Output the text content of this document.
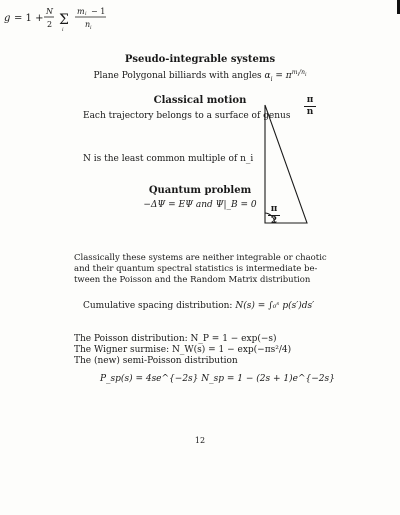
Pseudo-integrable systems
Plane Polygonal billiards with angles $\alpha_i = \pi^{m_i/n_i}$
Classical motion
Each trajectory belongs to a surface of genus
g = 1 +
N
2 Σ
i
m i − 1
n i
N is the least common multiple of n_i
Quantum problem
−ΔΨ = EΨ and Ψ|_B = 0
π
n
π
2
Classically these systems are neither integrable or chaotic
and their quantum spectral statistics is intermediate be-
tween the Poisson and the Random Matrix distribution
Cumulative spacing distribution: N(s) = ∫₀ˢ p(s′)ds′
The Poisson distribution: N_P = 1 − exp(−s)
The Wigner surmise: N_W(s) = 1 − exp(−πs²/4)
The (new) semi-Poisson distribution
P_sp(s) = 4se^{−2s} N_sp = 1 − (2s + 1)e^{−2s}
12
